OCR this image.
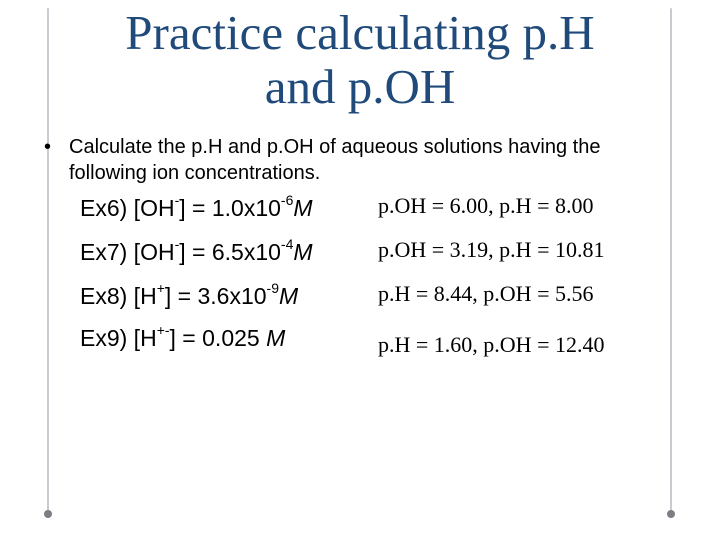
Practice calculating p.H
and p.OH
• Calculate the p.H and p.OH of aqueous solutions having the following ion concentrations.
Ex6) $[OH^-] = 1.0x10^{-6}M$	p.OH = 6.00, p.H = 8.00
Ex7) $[OH^-] = 6.5x10^{-4}M$	p.OH = 3.19, p.H = 10.81
Ex8) $[H^+] = 3.6x10^{-9}M$	p.H = 8.44, p.OH = 5.56
Ex9) [H+-] = 0.025 M	p.H = 1.60, p.OH = 12.40
